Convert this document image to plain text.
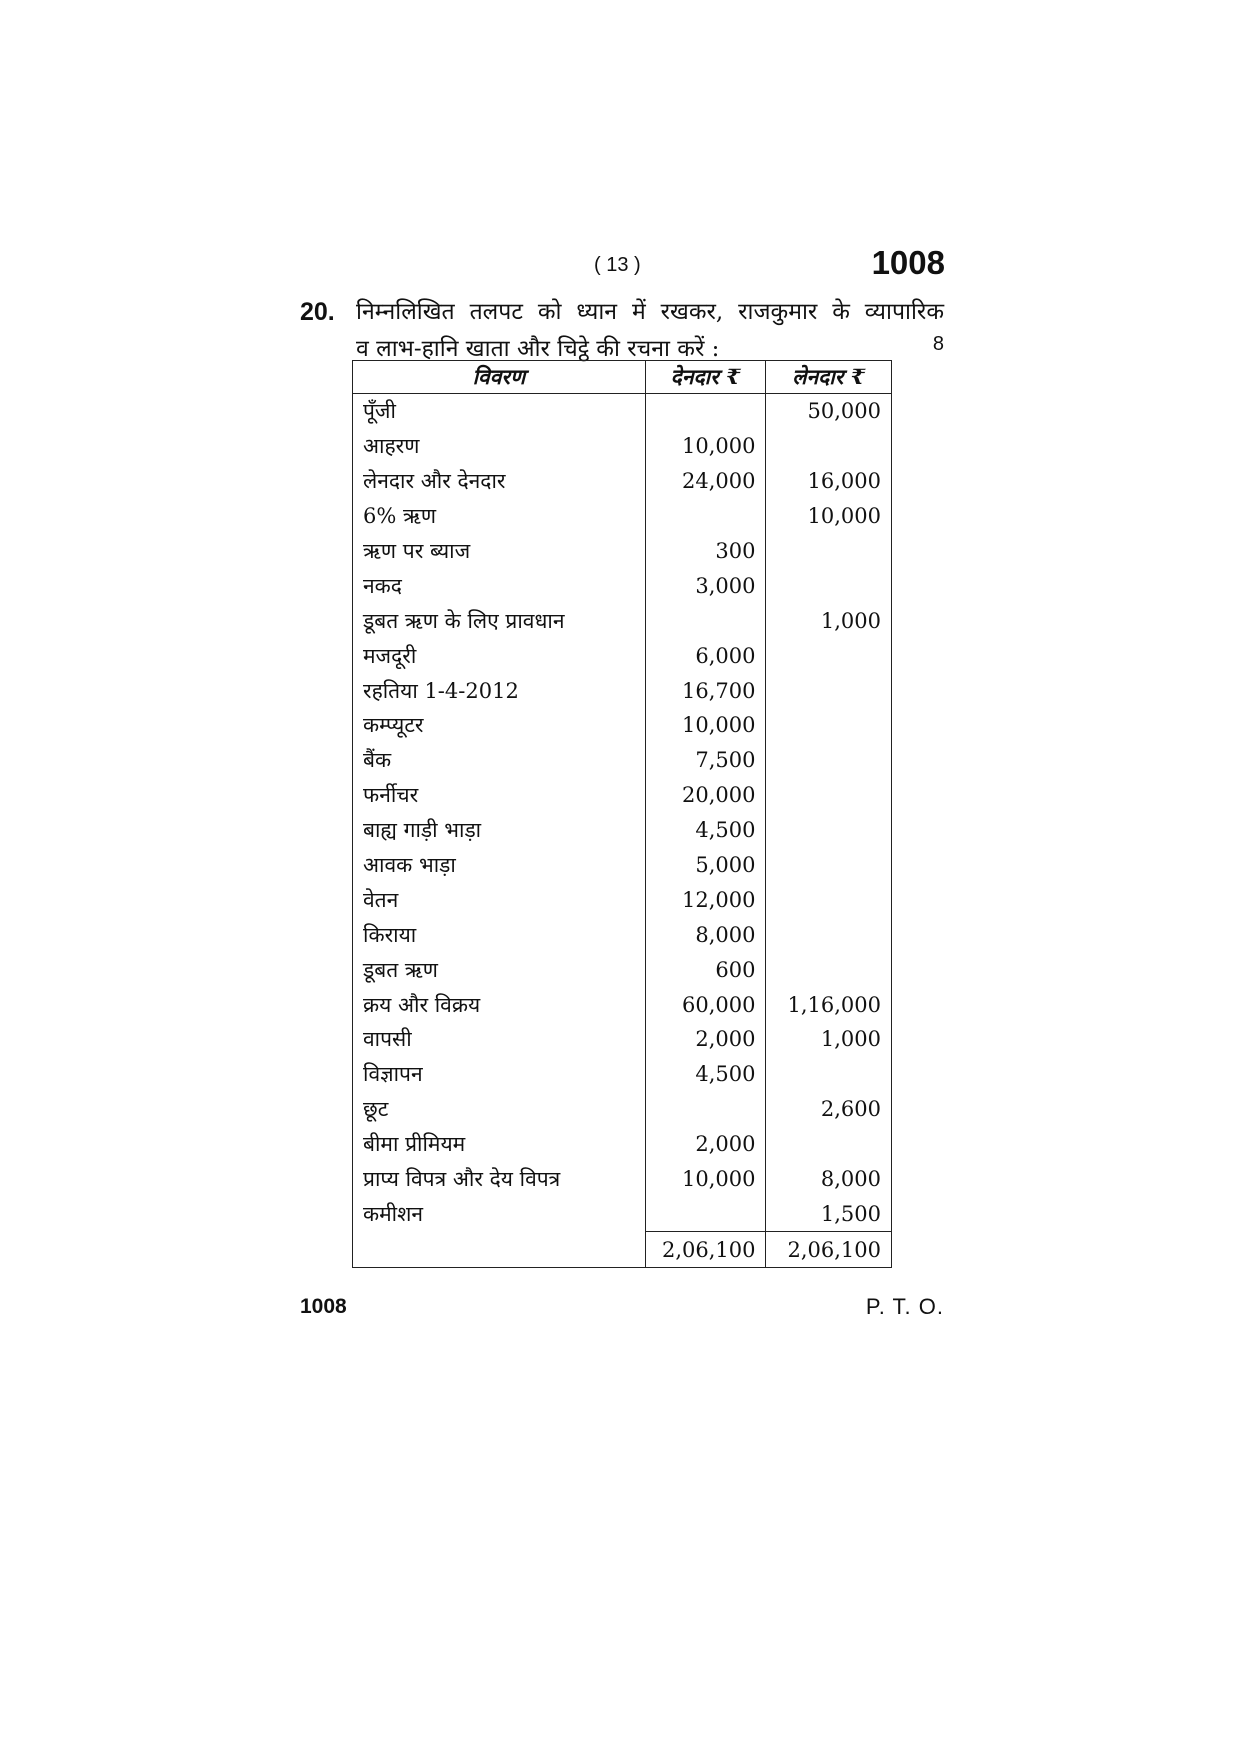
( 13 )	1008
20. निम्नलिखित तलपट को ध्यान में रखकर, राजकुमार के व्यापारिक
व लाभ-हानि खाता और चिट्ठे की रचना करें :	8
विवरण	देनदार ₹	लेनदार ₹
पूँजी		50,000
आहरण	10,000	
लेनदार और देनदार	24,000	16,000
6% ऋण		10,000
ऋण पर ब्याज	300	
नकद	3,000	
डूबत ऋण के लिए प्रावधान		1,000
मजदूरी	6,000	
रहतिया 1-4-2012	16,700	
कम्प्यूटर	10,000	
बैंक	7,500	
फर्नीचर	20,000	
बाह्य गाड़ी भाड़ा	4,500	
आवक भाड़ा	5,000	
वेतन	12,000	
किराया	8,000	
डूबत ऋण	600	
क्रय और विक्रय	60,000	1,16,000
वापसी	2,000	1,000
विज्ञापन	4,500	
छूट		2,600
बीमा प्रीमियम	2,000	
प्राप्य विपत्र और देय विपत्र	10,000	8,000
कमीशन		1,500
	2,06,100	2,06,100
1008	P. T. O.
